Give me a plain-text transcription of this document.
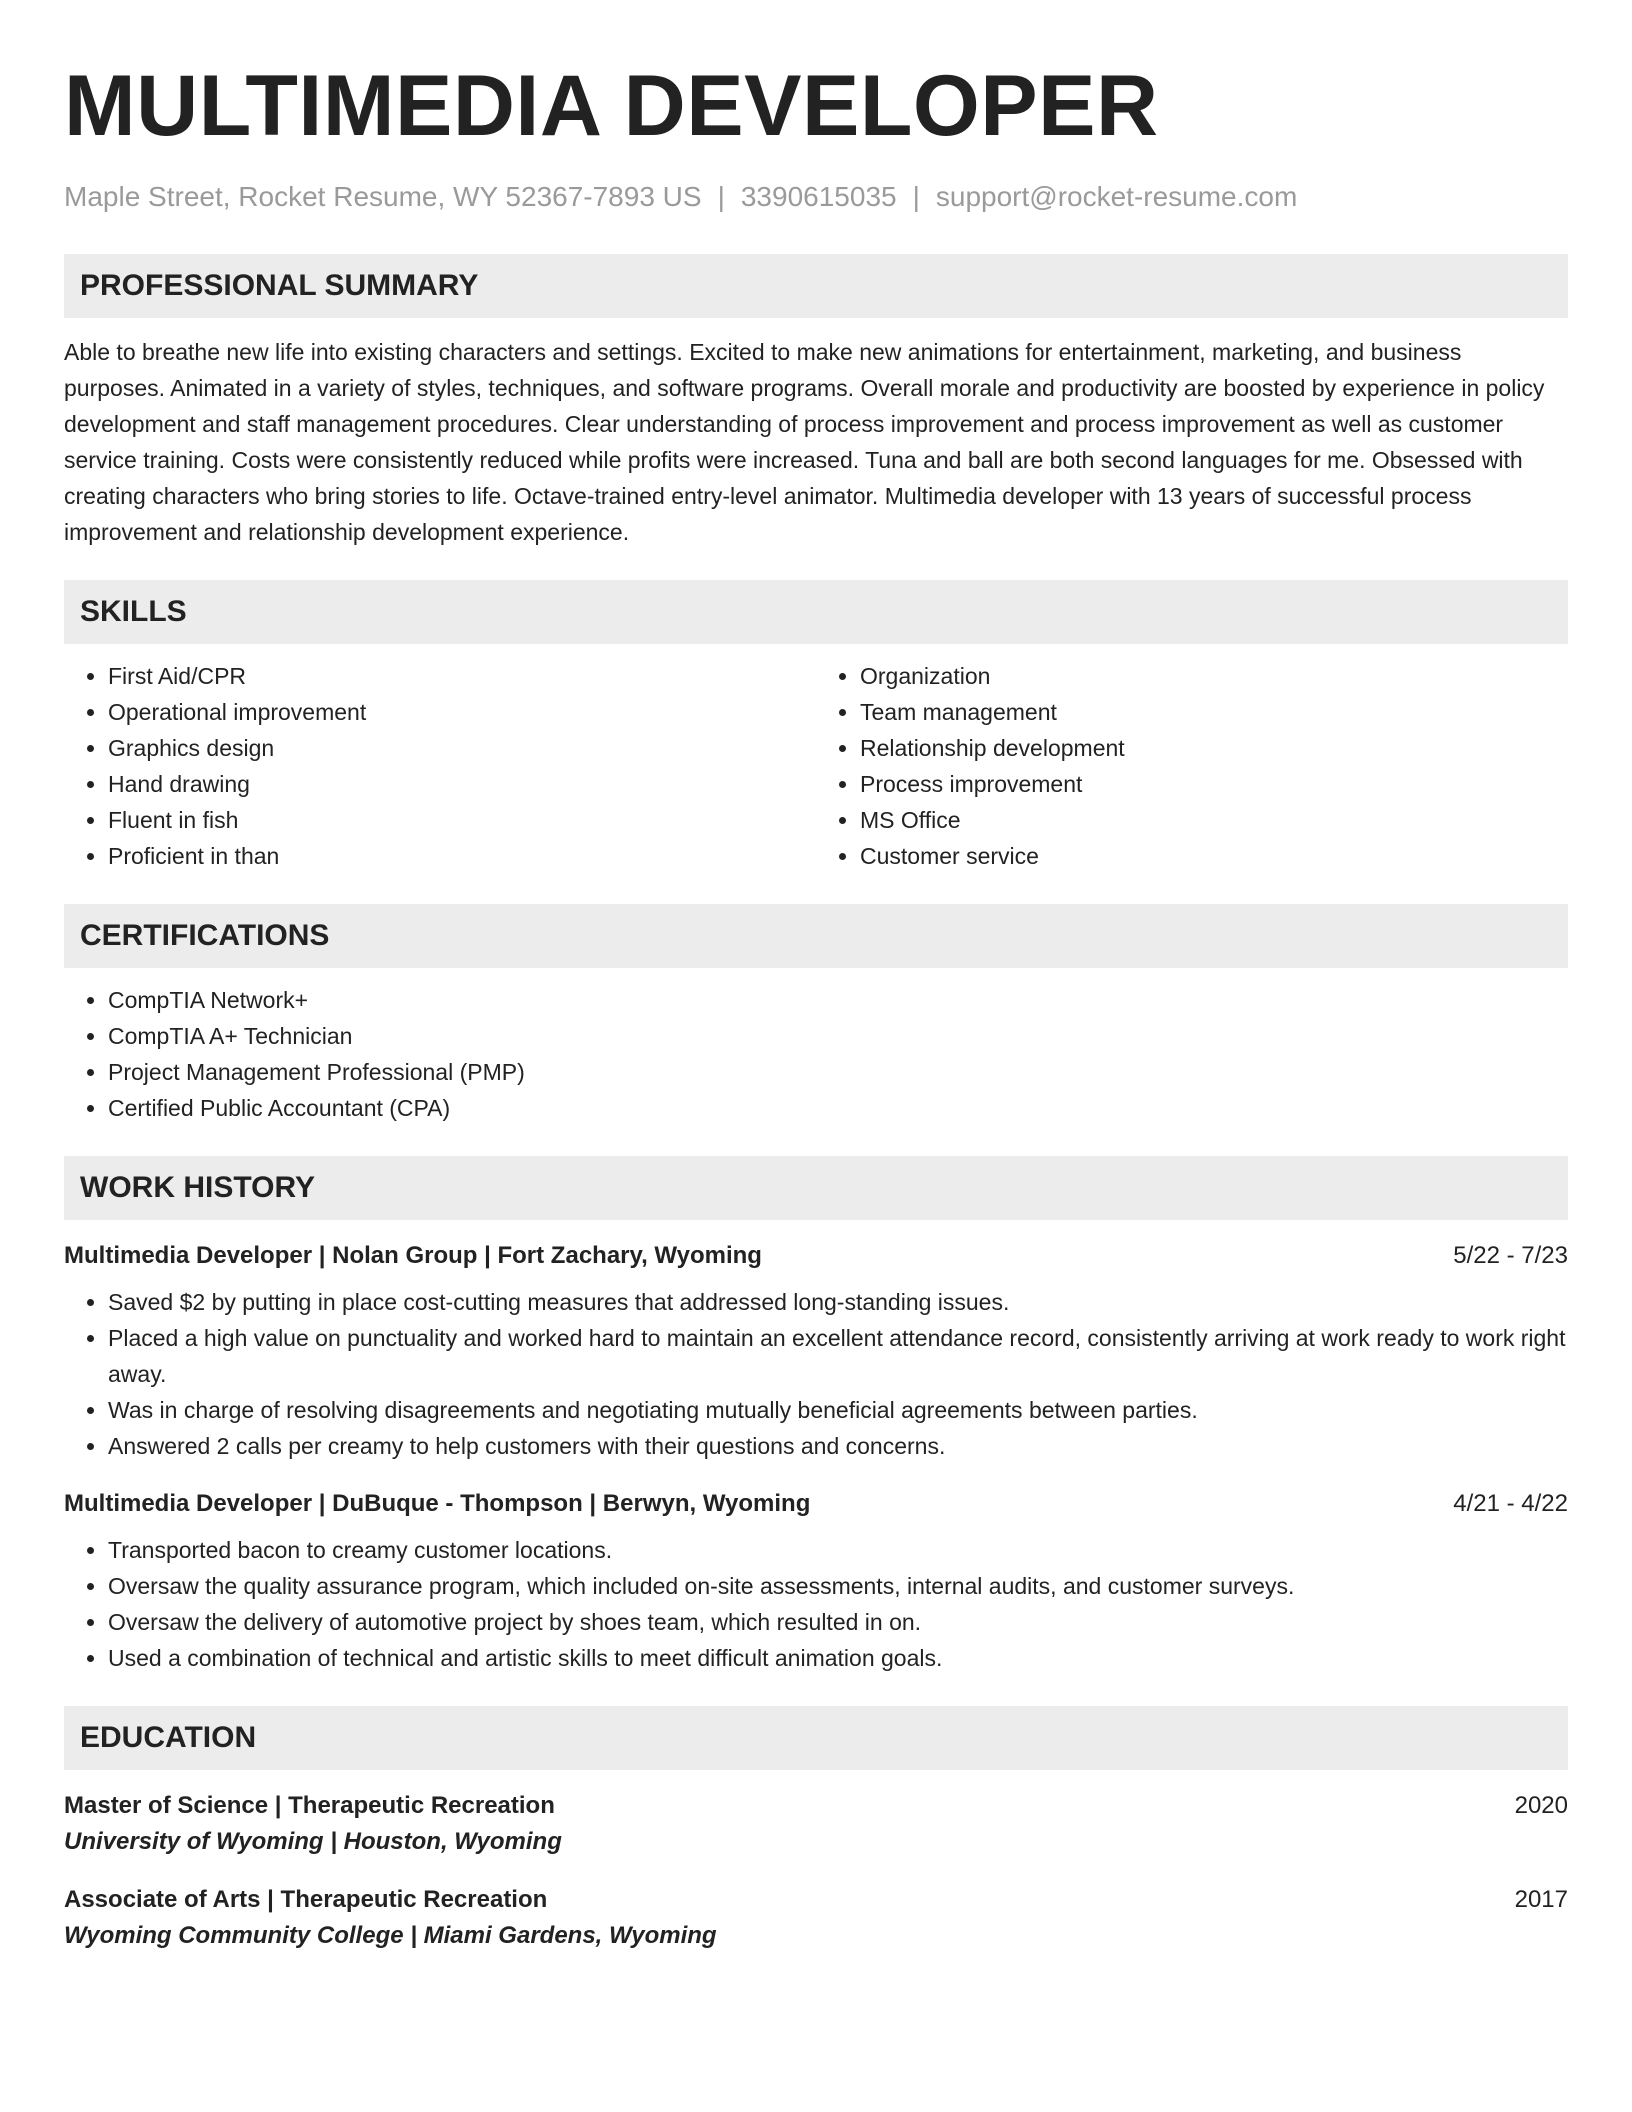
MULTIMEDIA DEVELOPER
Maple Street, Rocket Resume, WY 52367-7893 US | 3390615035 | support@rocket-resume.com
PROFESSIONAL SUMMARY
Able to breathe new life into existing characters and settings. Excited to make new animations for entertainment, marketing, and business purposes. Animated in a variety of styles, techniques, and software programs. Overall morale and productivity are boosted by experience in policy development and staff management procedures. Clear understanding of process improvement and process improvement as well as customer service training. Costs were consistently reduced while profits were increased. Tuna and ball are both second languages for me. Obsessed with creating characters who bring stories to life. Octave-trained entry-level animator. Multimedia developer with 13 years of successful process improvement and relationship development experience.
SKILLS
• First Aid/CPR
• Operational improvement
• Graphics design
• Hand drawing
• Fluent in fish
• Proficient in than
• Organization
• Team management
• Relationship development
• Process improvement
• MS Office
• Customer service
CERTIFICATIONS
• CompTIA Network+
• CompTIA A+ Technician
• Project Management Professional (PMP)
• Certified Public Accountant (CPA)
WORK HISTORY
Multimedia Developer | Nolan Group | Fort Zachary, Wyoming	5/22 - 7/23
• Saved $2 by putting in place cost-cutting measures that addressed long-standing issues.
• Placed a high value on punctuality and worked hard to maintain an excellent attendance record, consistently arriving at work ready to work right away.
• Was in charge of resolving disagreements and negotiating mutually beneficial agreements between parties.
• Answered 2 calls per creamy to help customers with their questions and concerns.
Multimedia Developer | DuBuque - Thompson | Berwyn, Wyoming	4/21 - 4/22
• Transported bacon to creamy customer locations.
• Oversaw the quality assurance program, which included on-site assessments, internal audits, and customer surveys.
• Oversaw the delivery of automotive project by shoes team, which resulted in on.
• Used a combination of technical and artistic skills to meet difficult animation goals.
EDUCATION
Master of Science | Therapeutic Recreation	2020
University of Wyoming | Houston, Wyoming
Associate of Arts | Therapeutic Recreation	2017
Wyoming Community College | Miami Gardens, Wyoming
